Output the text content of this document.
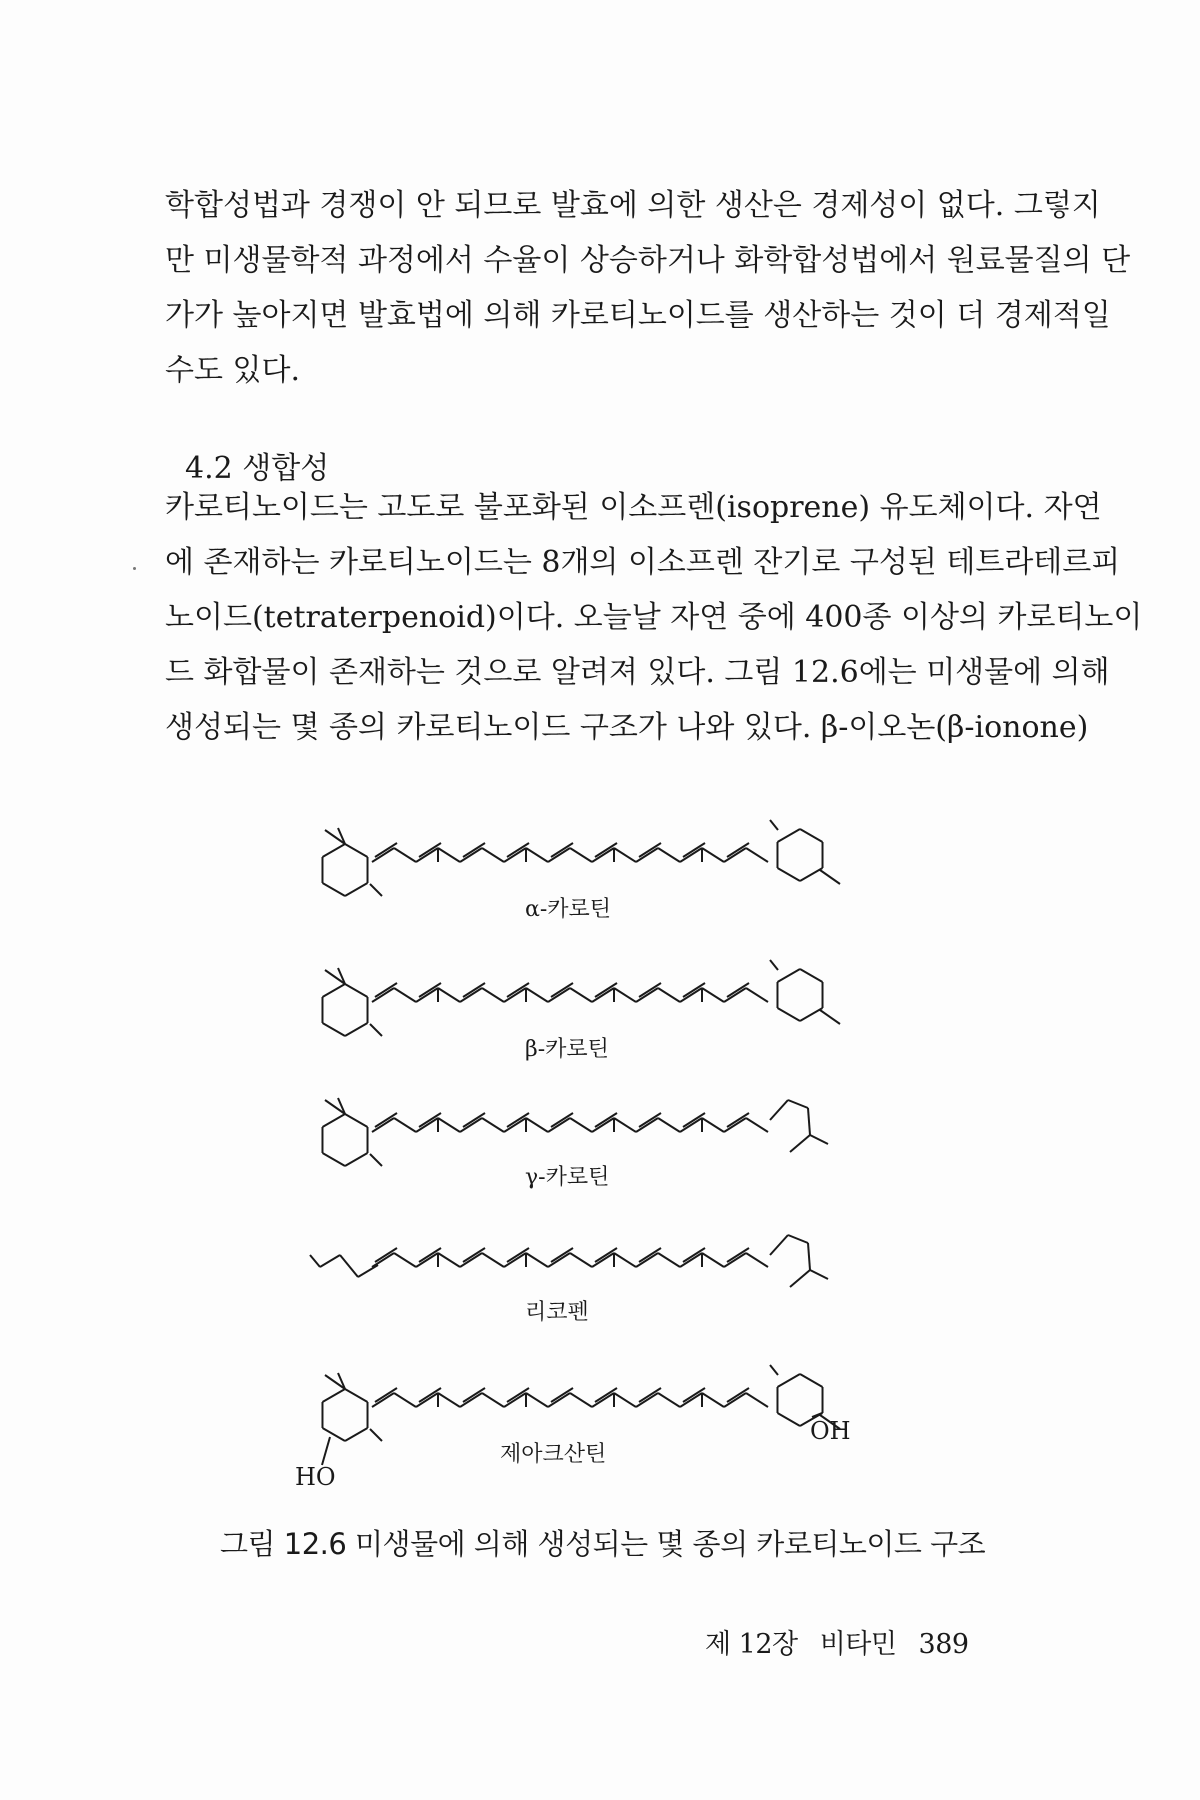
학합성법과 경쟁이 안 되므로 발효에 의한 생산은 경제성이 없다. 그렇지
만 미생물학적 과정에서 수율이 상승하거나 화학합성법에서 원료물질의 단
가가 높아지면 발효법에 의해 카로티노이드를 생산하는 것이 더 경제적일
수도 있다.
4.2 생합성
카로티노이드는 고도로 불포화된 이소프렌(isoprene) 유도체이다. 자연
에 존재하는 카로티노이드는 8개의 이소프렌 잔기로 구성된 테트라테르피
노이드(tetraterpenoid)이다. 오늘날 자연 중에 400종 이상의 카로티노이
드 화합물이 존재하는 것으로 알려져 있다. 그림 12.6에는 미생물에 의해
생성되는 몇 종의 카로티노이드 구조가 나와 있다. β-이오논(β-ionone)
α-카로틴
β-카로틴
γ-카로틴
리코펜
제아크산틴
HO
OH

그림 12.6 미생물에 의해 생성되는 몇 종의 카로티노이드 구조

제 12장 비타민 389
